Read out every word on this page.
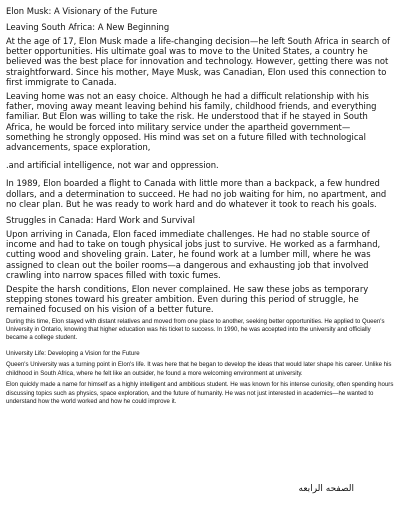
Elon Musk: A Visionary of the Future

Leaving South Africa: A New Beginning

At the age of 17, Elon Musk made a life-changing decision—he left South Africa in search of better opportunities. His ultimate goal was to move to the United States, a country he believed was the best place for innovation and technology. However, getting there was not straightforward. Since his mother, Maye Musk, was Canadian, Elon used this connection to first immigrate to Canada.

Leaving home was not an easy choice. Although he had a difficult relationship with his father, moving away meant leaving behind his family, childhood friends, and everything familiar. But Elon was willing to take the risk. He understood that if he stayed in South Africa, he would be forced into military service under the apartheid government—something he strongly opposed. His mind was set on a future filled with technological advancements, space exploration,

.and artificial intelligence, not war and oppression.

In 1989, Elon boarded a flight to Canada with little more than a backpack, a few hundred dollars, and a determination to succeed. He had no job waiting for him, no apartment, and no clear plan. But he was ready to work hard and do whatever it took to reach his goals.

Struggles in Canada: Hard Work and Survival

Upon arriving in Canada, Elon faced immediate challenges. He had no stable source of income and had to take on tough physical jobs just to survive. He worked as a farmhand, cutting wood and shoveling grain. Later, he found work at a lumber mill, where he was assigned to clean out the boiler rooms—a dangerous and exhausting job that involved crawling into narrow spaces filled with toxic fumes.

Despite the harsh conditions, Elon never complained. He saw these jobs as temporary stepping stones toward his greater ambition. Even during this period of struggle, he remained focused on his vision of a better future.

During this time, Elon stayed with distant relatives and moved from one place to another, seeking better opportunities. He applied to Queen's University in Ontario, knowing that higher education was his ticket to success. In 1990, he was accepted into the university and officially became a college student.

University Life: Developing a Vision for the Future

Queen's University was a turning point in Elon's life. It was here that he began to develop the ideas that would later shape his career. Unlike his childhood in South Africa, where he felt like an outsider, he found a more welcoming environment at university.

Elon quickly made a name for himself as a highly intelligent and ambitious student. He was known for his intense curiosity, often spending hours discussing topics such as physics, space exploration, and the future of humanity. He was not just interested in academics—he wanted to understand how the world worked and how he could improve it.

الصفحه الرابعه
